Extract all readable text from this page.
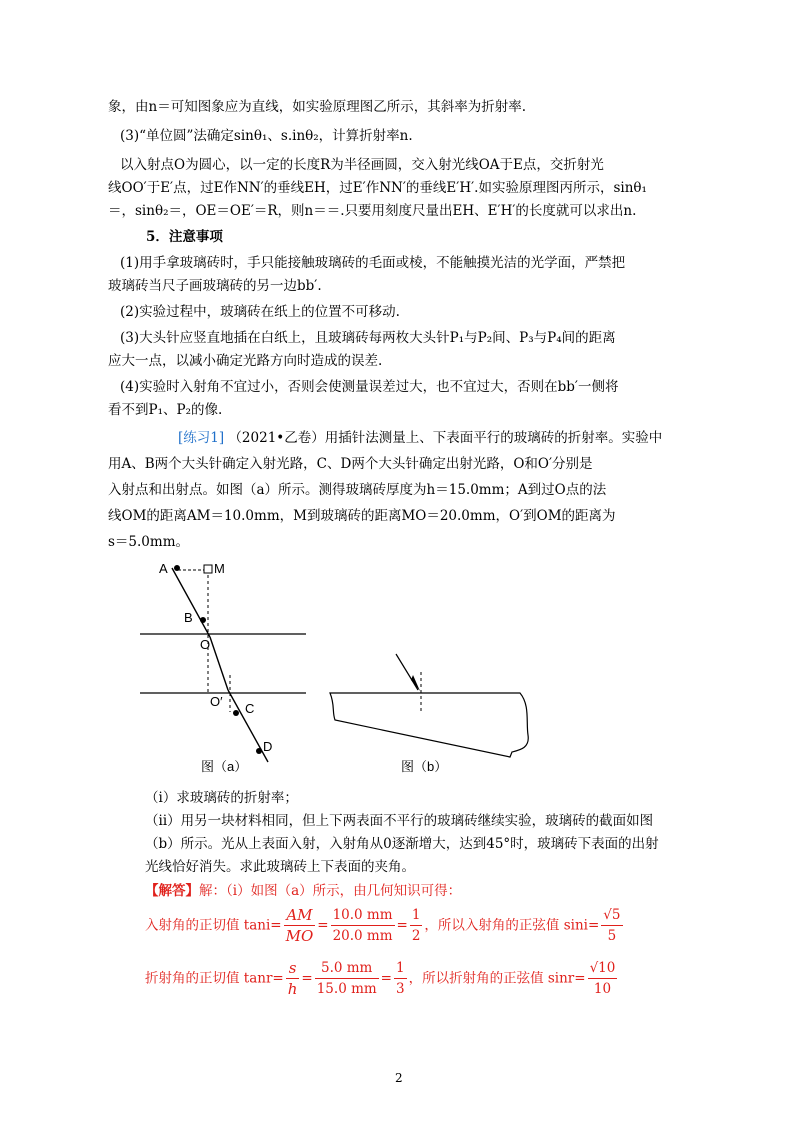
象，由n＝可知图象应为直线，如实验原理图乙所示，其斜率为折射率.
(3)“单位圆”法确定sinθ₁、s.inθ₂，计算折射率n.
以入射点O为圆心，以一定的长度R为半径画圆，交入射光线OA于E点，交折射光
线OO′于E′点，过E作NN′的垂线EH，过E′作NN′的垂线E′H′.如实验原理图丙所示，sinθ₁
＝，sinθ₂＝，OE＝OE′＝R，则n＝＝.只要用刻度尺量出EH、E′H′的长度就可以求出n.
5．注意事项
(1)用手拿玻璃砖时，手只能接触玻璃砖的毛面或棱，不能触摸光洁的光学面，严禁把
玻璃砖当尺子画玻璃砖的另一边bb′.
(2)实验过程中，玻璃砖在纸上的位置不可移动.
(3)大头针应竖直地插在白纸上，且玻璃砖每两枚大头针P₁与P₂间、P₃与P₄间的距离
应大一点，以减小确定光路方向时造成的误差.
(4)实验时入射角不宜过小，否则会使测量误差过大，也不宜过大，否则在bb′一侧将
看不到P₁、P₂的像.
[练习1] （2021•乙卷）用插针法测量上、下表面平行的玻璃砖的折射率。实验中
用A、B两个大头针确定入射光路，C、D两个大头针确定出射光路，O和O′分别是
入射点和出射点。如图（a）所示。测得玻璃砖厚度为h＝15.0mm；A到过O点的法
线OM的距离AM＝10.0mm，M到玻璃砖的距离MO＝20.0mm，O′到OM的距离为
s＝5.0mm。
A	M
B
O
O′ C
D
图（a）	图（b）
（ⅰ）求玻璃砖的折射率；
（ⅱ）用另一块材料相同，但上下两表面不平行的玻璃砖继续实验，玻璃砖的截面如图
（b）所示。光从上表面入射，入射角从0逐渐增大，达到45°时，玻璃砖下表面的出射
光线恰好消失。求此玻璃砖上下表面的夹角。
【解答】解：（ⅰ）如图（a）所示，由几何知识可得：
入射角的正切值 $\tan i= \frac{AM}{MO} = \frac{10.0 mm}{20.0 mm} = \frac{1}{2}$ ，所以入射角的正弦值 $\sin i= \frac{√5}{5}$
折射角的正切值 $\tan r= \frac{s}{h} = \frac{5.0 mm}{15.0 mm} = \frac{1}{3}$ ，所以折射角的正弦值 $\sin r= \frac{√10}{10}$
2
